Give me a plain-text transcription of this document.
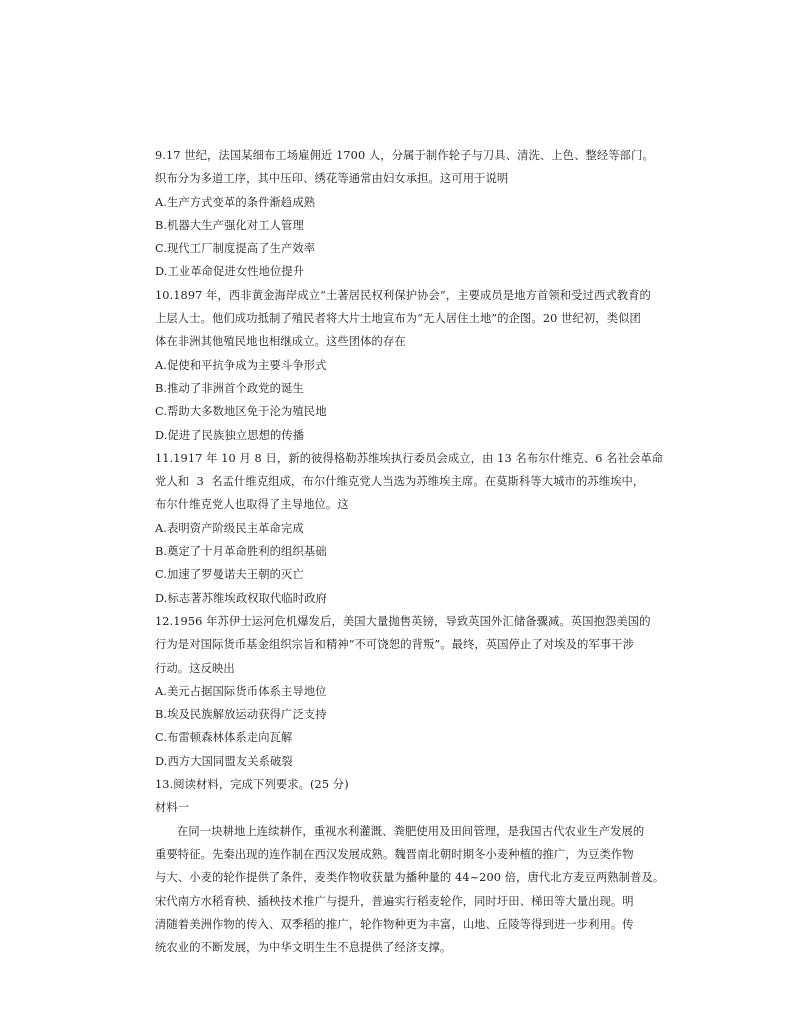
9.17 世纪，法国某细布工场雇佣近 1700 人，分属于制作轮子与刀具、清洗、上色、整经等部门。
织布分为多道工序，其中压印、绣花等通常由妇女承担。这可用于说明
A.生产方式变革的条件渐趋成熟
B.机器大生产强化对工人管理
C.现代工厂制度提高了生产效率
D.工业革命促进女性地位提升
10.1897 年，西非黄金海岸成立“土著居民权利保护协会”，主要成员是地方首领和受过西式教育的
上层人士。他们成功抵制了殖民者将大片土地宣布为“无人居住土地”的企图。20 世纪初，类似团
体在非洲其他殖民地也相继成立。这些团体的存在
A.促使和平抗争成为主要斗争形式
B.推动了非洲首个政党的诞生
C.帮助大多数地区免于沦为殖民地
D.促进了民族独立思想的传播
11.1917 年 10 月 8 日，新的彼得格勒苏维埃执行委员会成立，由 13 名布尔什维克、6 名社会革命
党人和  3  名孟什维克组成，布尔什维克党人当选为苏维埃主席。在莫斯科等大城市的苏维埃中，
布尔什维克党人也取得了主导地位。这
A.表明资产阶级民主革命完成
B.奠定了十月革命胜利的组织基础
C.加速了罗曼诺夫王朝的灭亡
D.标志著苏维埃政权取代临时政府
12.1956 年苏伊士运河危机爆发后，美国大量抛售英镑，导致英国外汇储备骤减。英国抱怨美国的
行为是对国际货币基金组织宗旨和精神“不可饶恕的背叛”。最终，英国停止了对埃及的军事干涉
行动。这反映出
A.美元占据国际货币体系主导地位
B.埃及民族解放运动获得广泛支持
C.布雷顿森林体系走向瓦解
D.西方大国同盟友关系破裂
13.阅读材料，完成下列要求。(25 分)
材料一
在同一块耕地上连续耕作，重视水利灌溉、粪肥使用及田间管理，是我国古代农业生产发展的
重要特征。先秦出现的连作制在西汉发展成熟。魏晋南北朝时期冬小麦种植的推广，为豆类作物
与大、小麦的轮作提供了条件，麦类作物收获量为播种量的 44~200 倍，唐代北方麦豆两熟制普及。
宋代南方水稻育秧、插秧技术推广与提升，普遍实行稻麦轮作，同时圩田、梯田等大量出现。明
清随着美洲作物的传入、双季稻的推广，轮作物种更为丰富，山地、丘陵等得到进一步利用。传
统农业的不断发展，为中华文明生生不息提供了经济支撑。
